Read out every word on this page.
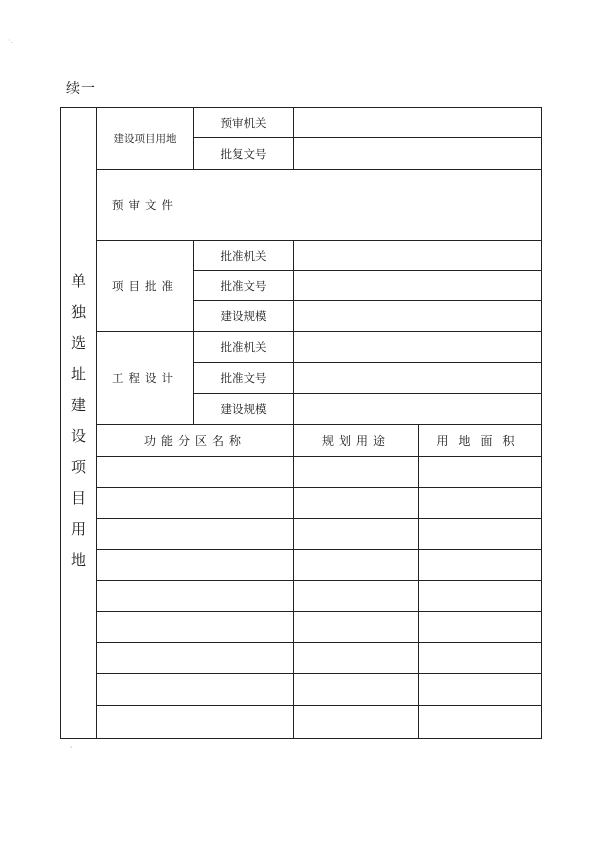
·.
续一
单
独
选
址
建
设
项
目
用
地
建设项目用地
预审机关
批复文号
预审文件
项目批准
批准机关
批准文号
建设规模
工程设计
批准机关
批准文号
建设规模
功能分区名称	规划用途	用地面积
'
